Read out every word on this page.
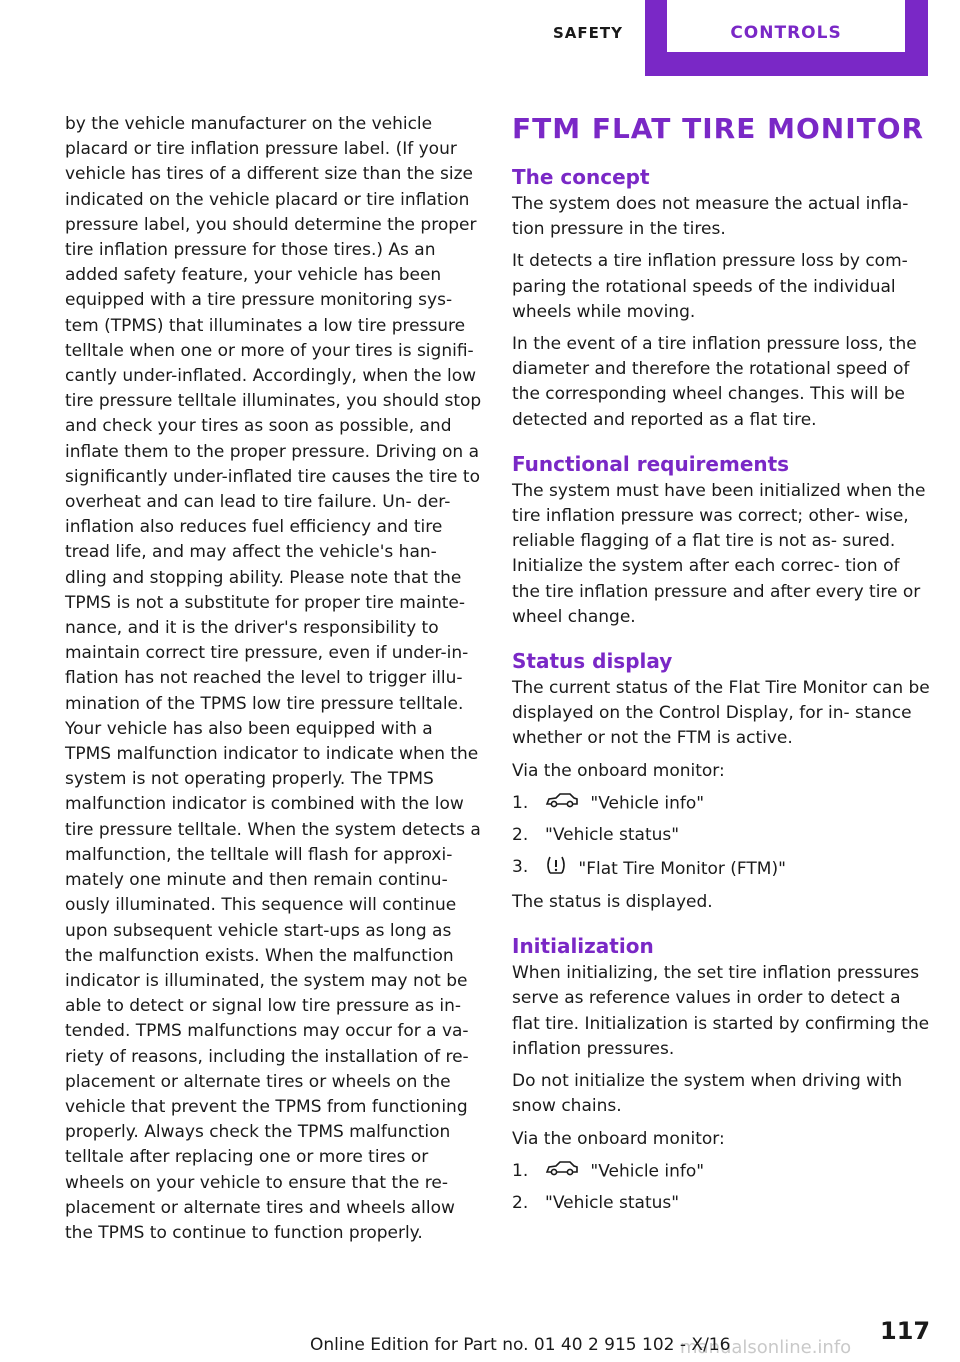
SAFETY	CONTROLS

by the vehicle manufacturer on the vehicle placard or tire inflation pressure label. (If your vehicle has tires of a different size than the size indicated on the vehicle placard or tire inflation pressure label, you should determine the proper tire inflation pressure for those tires.) As an added safety feature, your vehicle has been equipped with a tire pressure monitoring sys‐ tem (TPMS) that illuminates a low tire pressure telltale when one or more of your tires is signifi‐ cantly under-inflated. Accordingly, when the low tire pressure telltale illuminates, you should stop and check your tires as soon as possible, and inflate them to the proper pressure. Driving on a significantly under-inflated tire causes the tire to overheat and can lead to tire failure. Un‐ der-inflation also reduces fuel efficiency and tire tread life, and may affect the vehicle's han‐ dling and stopping ability. Please note that the TPMS is not a substitute for proper tire mainte‐ nance, and it is the driver's responsibility to maintain correct tire pressure, even if under-in‐ flation has not reached the level to trigger illu‐ mination of the TPMS low tire pressure telltale. Your vehicle has also been equipped with a TPMS malfunction indicator to indicate when the system is not operating properly. The TPMS malfunction indicator is combined with the low tire pressure telltale. When the system detects a malfunction, the telltale will flash for approxi‐ mately one minute and then remain continu‐ ously illuminated. This sequence will continue upon subsequent vehicle start-ups as long as the malfunction exists. When the malfunction indicator is illuminated, the system may not be able to detect or signal low tire pressure as in‐ tended. TPMS malfunctions may occur for a va‐ riety of reasons, including the installation of re‐ placement or alternate tires or wheels on the vehicle that prevent the TPMS from functioning properly. Always check the TPMS malfunction telltale after replacing one or more tires or wheels on your vehicle to ensure that the re‐ placement or alternate tires and wheels allow the TPMS to continue to function properly.

FTM FLAT TIRE MONITOR
The concept

The system does not measure the actual infla‐ tion pressure in the tires.

It detects a tire inflation pressure loss by com‐ paring the rotational speeds of the individual wheels while moving.

In the event of a tire inflation pressure loss, the diameter and therefore the rotational speed of the corresponding wheel changes. This will be detected and reported as a flat tire.

Functional requirements

The system must have been initialized when the tire inflation pressure was correct; other‐ wise, reliable flagging of a flat tire is not as‐ sured. Initialize the system after each correc‐ tion of the tire inflation pressure and after every tire or wheel change.

Status display

The current status of the Flat Tire Monitor can be displayed on the Control Display, for in‐ stance whether or not the FTM is active.

Via the onboard monitor:

1.	"Vehicle info"
2. "Vehicle status"
3.	"Flat Tire Monitor (FTM)"

The status is displayed.

Initialization

When initializing, the set tire inflation pressures serve as reference values in order to detect a flat tire. Initialization is started by confirming the inflation pressures.

Do not initialize the system when driving with snow chains.

Via the onboard monitor:

1.	"Vehicle info"
2. "Vehicle status"
manualsonline.info
Online Edition for Part no. 01 40 2 915 102 - X/16	117
